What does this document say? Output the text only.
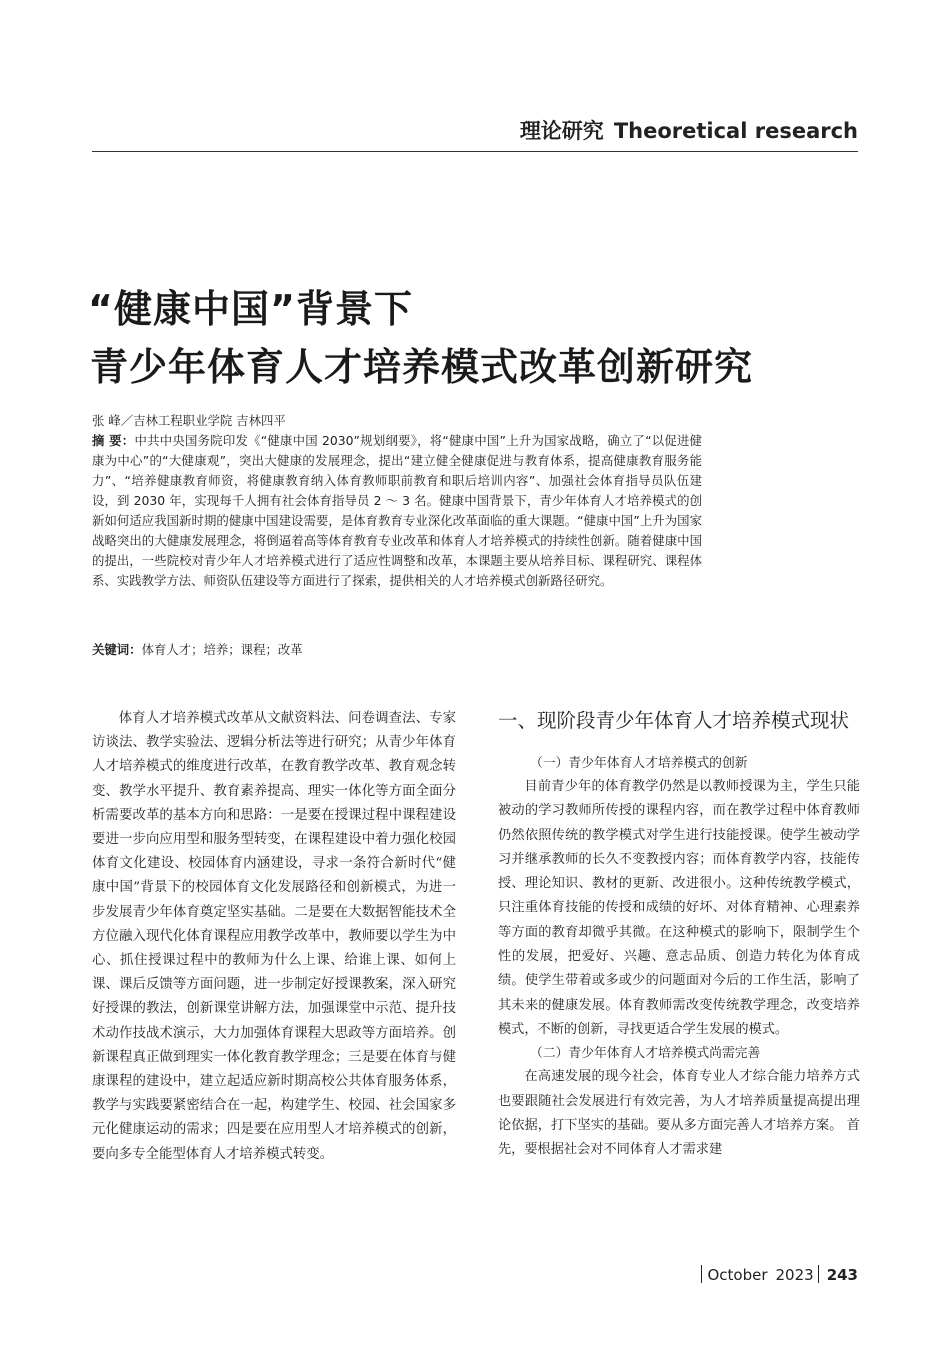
理论研究 Theoretical research
“健康中国”背景下
青少年体育人才培养模式改革创新研究
张 峰／吉林工程职业学院 吉林四平
摘 要：中共中央国务院印发《“健康中国 2030”规划纲要》，将“健康中国”上升为国家战略，确立了“以促进健康为中心”的“大健康观”，突出大健康的发展理念，提出“建立健全健康促进与教育体系，提高健康教育服务能力”、“培养健康教育师资，将健康教育纳入体育教师职前教育和职后培训内容”、加强社会体育指导员队伍建设，到 2030 年，实现每千人拥有社会体育指导员 2 ～ 3 名。健康中国背景下，青少年体育人才培养模式的创新如何适应我国新时期的健康中国建设需要，是体育教育专业深化改革面临的重大课题。“健康中国”上升为国家战略突出的大健康发展理念，将倒逼着高等体育教育专业改革和体育人才培养模式的持续性创新。随着健康中国的提出，一些院校对青少年人才培养模式进行了适应性调整和改革，本课题主要从培养目标、课程研究、课程体系、实践教学方法、师资队伍建设等方面进行了探索，提供相关的人才培养模式创新路径研究。
关键词：体育人才；培养；课程；改革
体育人才培养模式改革从文献资料法、问卷调查法、专家访谈法、教学实验法、逻辑分析法等进行研究；从青少年体育人才培养模式的维度进行改革，在教育教学改革、教育观念转变、教学水平提升、教育素养提高、理实一体化等方面全面分析需要改革的基本方向和思路：一是要在授课过程中课程建设要进一步向应用型和服务型转变，在课程建设中着力强化校园体育文化建设、校园体育内涵建设，寻求一条符合新时代“健康中国”背景下的校园体育文化发展路径和创新模式，为进一步发展青少年体育奠定坚实基础。二是要在大数据智能技术全方位融入现代化体育课程应用教学改革中，教师要以学生为中心、抓住授课过程中的教师为什么上课、给谁上课、如何上课、课后反馈等方面问题，进一步制定好授课教案，深入研究好授课的教法，创新课堂讲解方法，加强课堂中示范、提升技术动作技战术演示，大力加强体育课程大思政等方面培养。创新课程真正做到理实一体化教育教学理念；三是要在体育与健康课程的建设中，建立起适应新时期高校公共体育服务体系，教学与实践要紧密结合在一起，构建学生、校园、社会国家多元化健康运动的需求；四是要在应用型人才培养模式的创新，要向多专全能型体育人才培养模式转变。
一、现阶段青少年体育人才培养模式现状

（一）青少年体育人才培养模式的创新

目前青少年的体育教学仍然是以教师授课为主，学生只能被动的学习教师所传授的课程内容，而在教学过程中体育教师仍然依照传统的教学模式对学生进行技能授课。使学生被动学习并继承教师的长久不变教授内容；而体育教学内容，技能传授、理论知识、教材的更新、改进很小。这种传统教学模式，只注重体育技能的传授和成绩的好坏、对体育精神、心理素养等方面的教育却微乎其微。在这种模式的影响下，限制学生个性的发展，把爱好、兴趣、意志品质、创造力转化为体育成绩。使学生带着或多或少的问题面对今后的工作生活，影响了其未来的健康发展。体育教师需改变传统教学理念，改变培养模式，不断的创新，寻找更适合学生发展的模式。

（二）青少年体育人才培养模式尚需完善

在高速发展的现今社会，体育专业人才综合能力培养方式也要跟随社会发展进行有效完善，为人才培养质量提高提出理论依据，打下坚实的基础。要从多方面完善人才培养方案。 首先，要根据社会对不同体育人才需求建

October 2023 243
